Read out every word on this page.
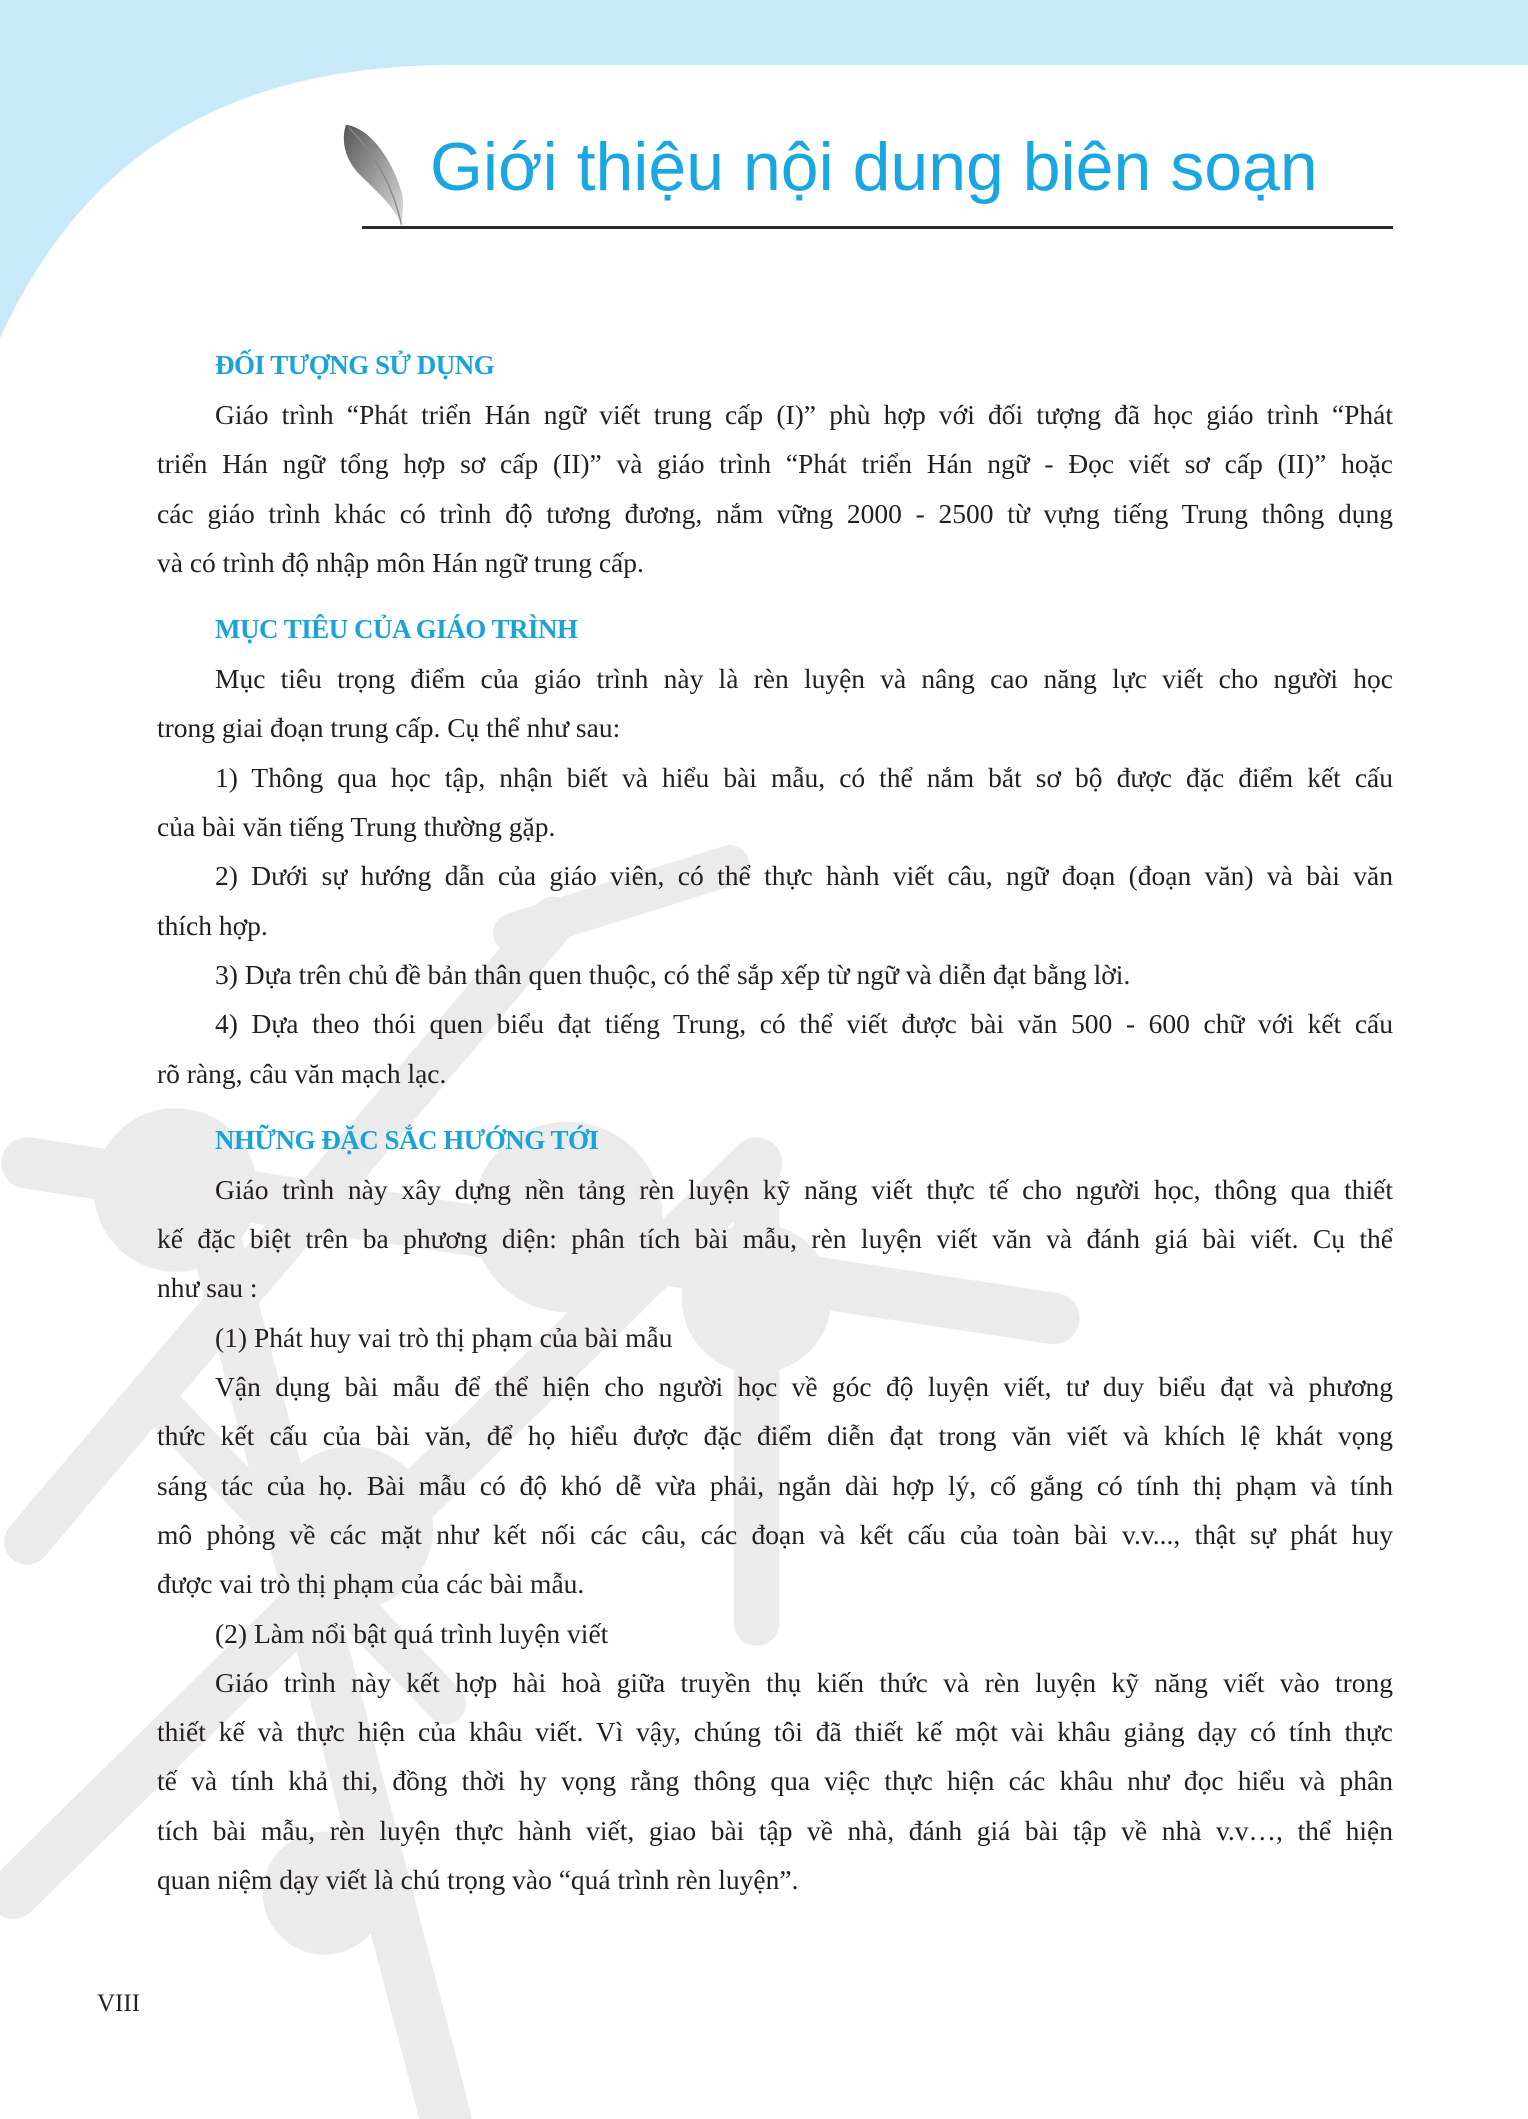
Giới thiệu nội dung biên soạn
ĐỐI TƯỢNG SỬ DỤNG
Giáo trình “Phát triển Hán ngữ viết trung cấp (I)” phù hợp với đối tượng đã học giáo trình “Phát
triển Hán ngữ tổng hợp sơ cấp (II)” và giáo trình “Phát triển Hán ngữ - Đọc viết sơ cấp (II)” hoặc
các giáo trình khác có trình độ tương đương, nắm vững 2000 - 2500 từ vựng tiếng Trung thông dụng
và có trình độ nhập môn Hán ngữ trung cấp.
MỤC TIÊU CỦA GIÁO TRÌNH
Mục tiêu trọng điểm của giáo trình này là rèn luyện và nâng cao năng lực viết cho người học
trong giai đoạn trung cấp. Cụ thể như sau:
1) Thông qua học tập, nhận biết và hiểu bài mẫu, có thể nắm bắt sơ bộ được đặc điểm kết cấu
của bài văn tiếng Trung thường gặp.
2) Dưới sự hướng dẫn của giáo viên, có thể thực hành viết câu, ngữ đoạn (đoạn văn) và bài văn
thích hợp.
3) Dựa trên chủ đề bản thân quen thuộc, có thể sắp xếp từ ngữ và diễn đạt bằng lời.
4) Dựa theo thói quen biểu đạt tiếng Trung, có thể viết được bài văn 500 - 600 chữ với kết cấu
rõ ràng, câu văn mạch lạc.
NHỮNG ĐẶC SẮC HƯỚNG TỚI
Giáo trình này xây dựng nền tảng rèn luyện kỹ năng viết thực tế cho người học, thông qua thiết
kế đặc biệt trên ba phương diện: phân tích bài mẫu, rèn luyện viết văn và đánh giá bài viết. Cụ thể
như sau :
(1) Phát huy vai trò thị phạm của bài mẫu
Vận dụng bài mẫu để thể hiện cho người học về góc độ luyện viết, tư duy biểu đạt và phương
thức kết cấu của bài văn, để họ hiểu được đặc điểm diễn đạt trong văn viết và khích lệ khát vọng
sáng tác của họ. Bài mẫu có độ khó dễ vừa phải, ngắn dài hợp lý, cố gắng có tính thị phạm và tính
mô phỏng về các mặt như kết nối các câu, các đoạn và kết cấu của toàn bài v.v..., thật sự phát huy
được vai trò thị phạm của các bài mẫu.
(2) Làm nổi bật quá trình luyện viết
Giáo trình này kết hợp hài hoà giữa truyền thụ kiến thức và rèn luyện kỹ năng viết vào trong
thiết kế và thực hiện của khâu viết. Vì vậy, chúng tôi đã thiết kế một vài khâu giảng dạy có tính thực
tế và tính khả thi, đồng thời hy vọng rằng thông qua việc thực hiện các khâu như đọc hiểu và phân
tích bài mẫu, rèn luyện thực hành viết, giao bài tập về nhà, đánh giá bài tập về nhà v.v…, thể hiện
quan niệm dạy viết là chú trọng vào “quá trình rèn luyện”.
VIII
